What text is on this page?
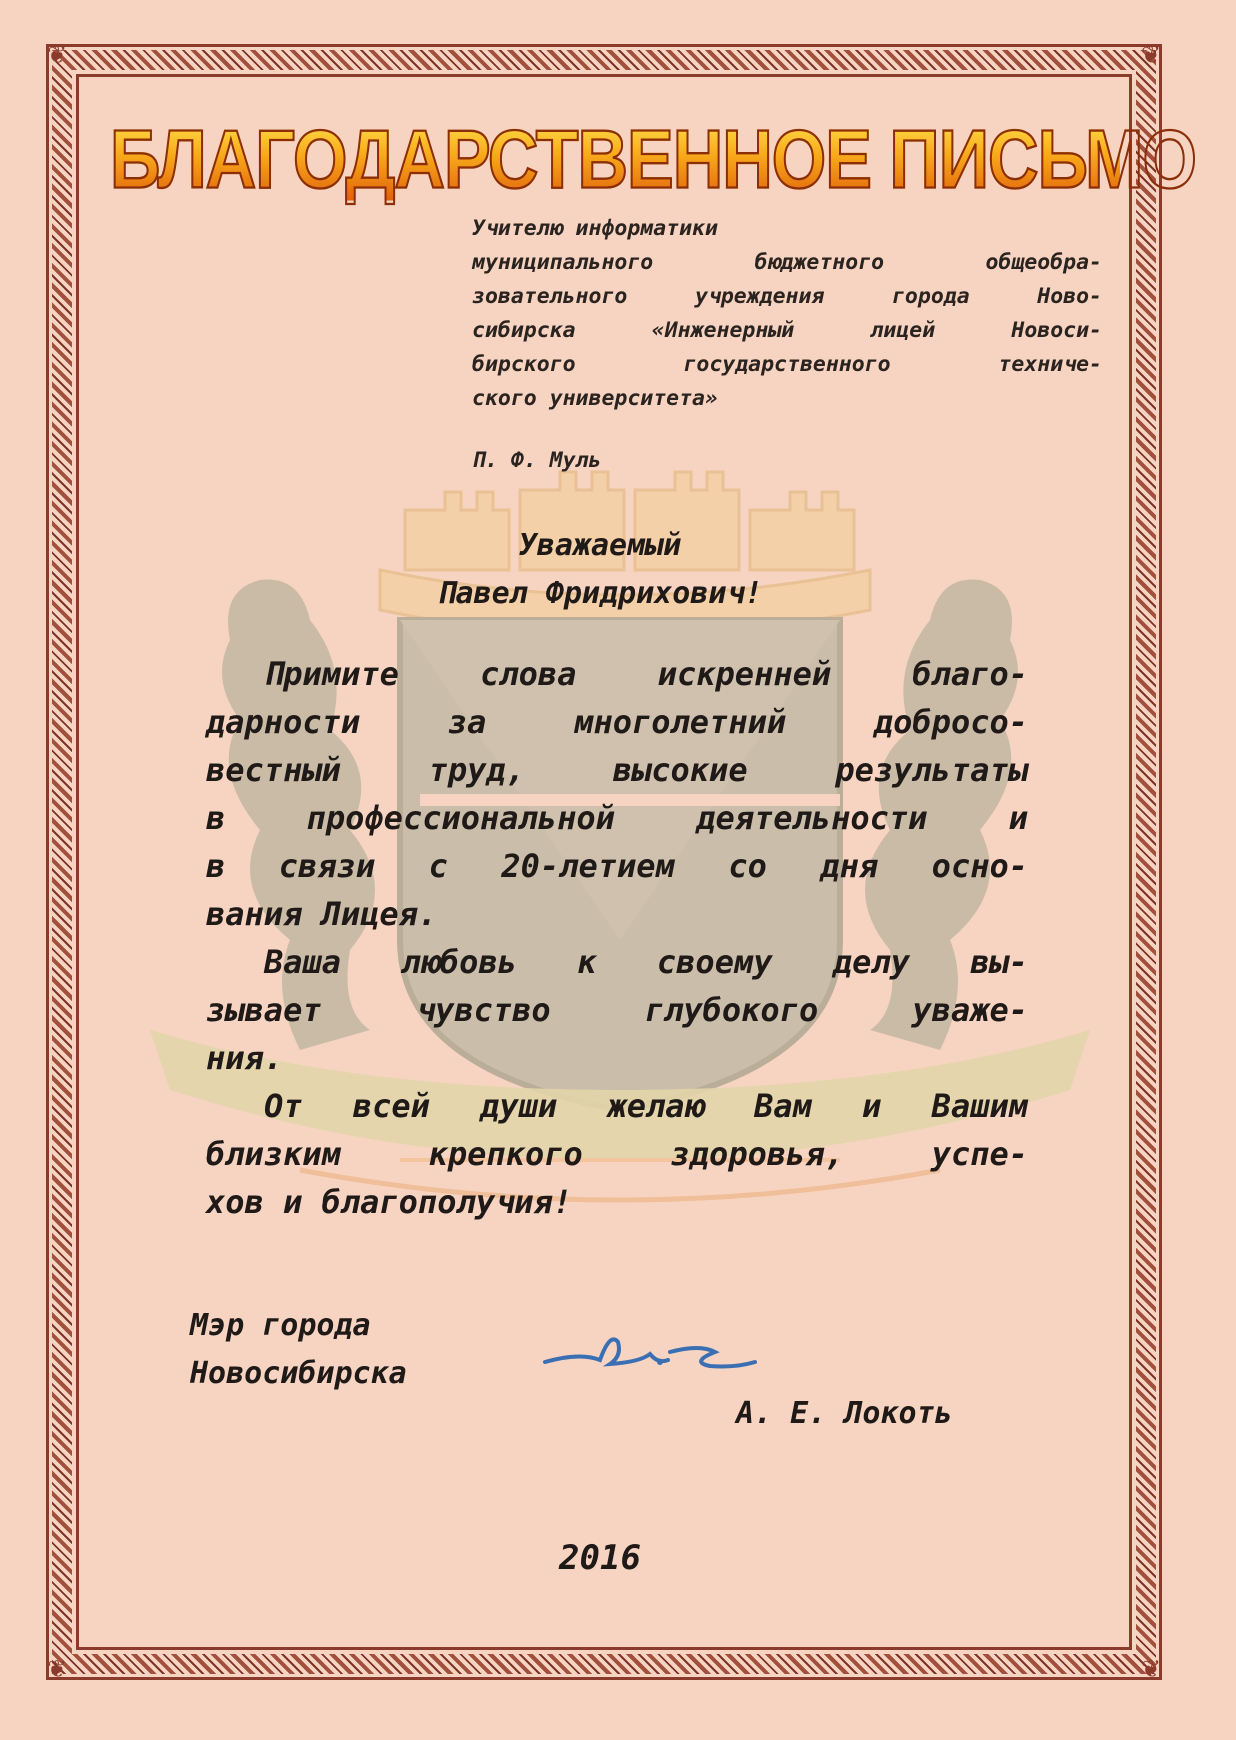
❦	❦
❦	❦
БЛАГОДАРСТВЕННОЕ ПИСЬМО
Учителю информатики
муниципального бюджетного общеобра-
зовательного учреждения города Ново-
сибирска «Инженерный лицей Новоси-
бирского государственного техниче-
ского университета»
П. Ф. Муль
Уважаемый
Павел Фридрихович!
Примите слова искренней благо-
дарности за многолетний добросо-
вестный труд, высокие результаты
в профессиональной деятельности и
в связи с 20-летием со дня осно-
вания Лицея.
Ваша любовь к своему делу вы-
зывает чувство глубокого уваже-
ния.
От всей души желаю Вам и Вашим
близким крепкого здоровья, успе-
хов и благополучия!
Мэр города
Новосибирска
А. Е. Локоть
2016
